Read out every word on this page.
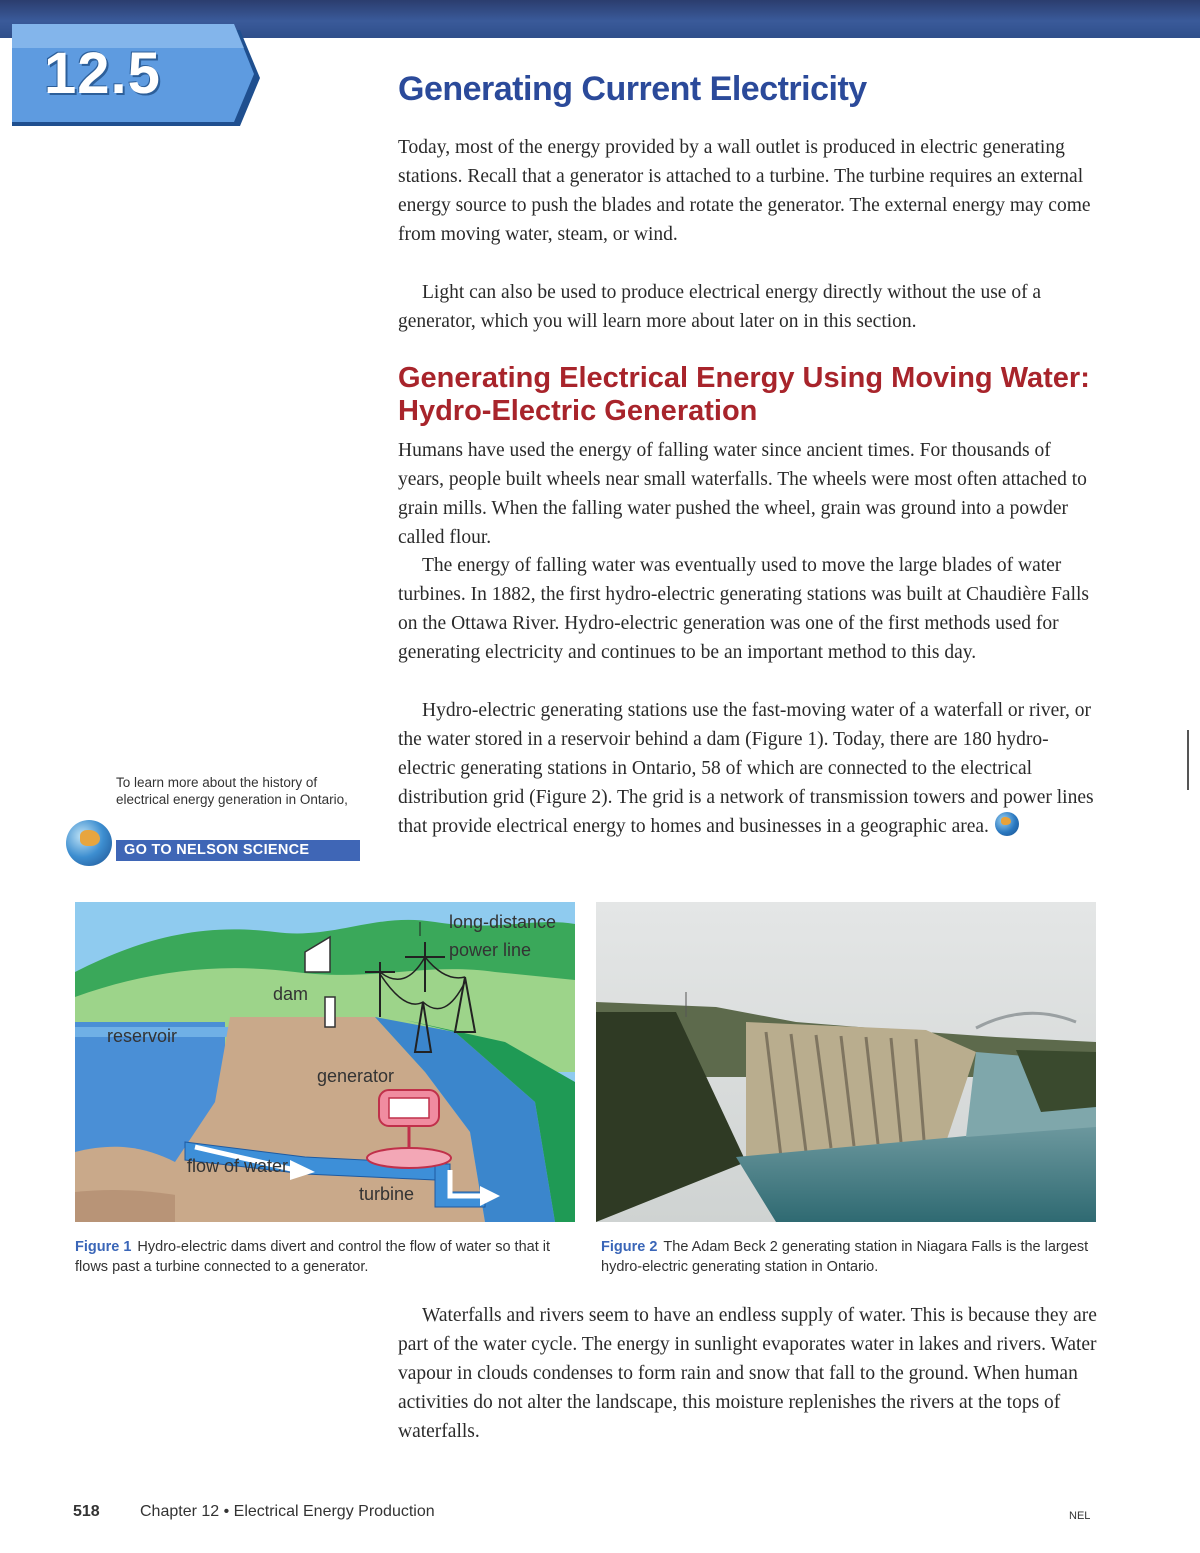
12.5	Generating Current Electricity

Today, most of the energy provided by a wall outlet is produced in electric generating stations. Recall that a generator is attached to a turbine. The turbine requires an external energy source to push the blades and rotate the generator. The external energy may come from moving water, steam, or wind.

Light can also be used to produce electrical energy directly without the use of a generator, which you will learn more about later on in this section.

Generating Electrical Energy Using Moving Water: Hydro-Electric Generation

Humans have used the energy of falling water since ancient times. For thousands of years, people built wheels near small waterfalls. The wheels were most often attached to grain mills. When the falling water pushed the wheel, grain was ground into a powder called flour.

The energy of falling water was eventually used to move the large blades of water turbines. In 1882, the first hydro-electric generating stations was built at Chaudière Falls on the Ottawa River. Hydro-electric generation was one of the first methods used for generating electricity and continues to be an important method to this day.

Hydro-electric generating stations use the fast-moving water of a waterfall or river, or the water stored in a reservoir behind a dam (Figure 1). Today, there are 180 hydro-electric generating stations in Ontario, 58 of which are connected to the electrical distribution grid (Figure 2). The grid is a network of transmission towers and power lines that provide electrical energy to homes and businesses in a geographic area.

To learn more about the history of electrical energy generation in Ontario,
GO TO NELSON SCIENCE
long-distance
power line
dam
reservoir
generator
flow of water
turbine

Figure 1 Hydro-electric dams divert and control the flow of water so that it flows past a turbine connected to a generator.

Figure 2 The Adam Beck 2 generating station in Niagara Falls is the largest hydro-electric generating station in Ontario.

Waterfalls and rivers seem to have an endless supply of water. This is because they are part of the water cycle. The energy in sunlight evaporates water in lakes and rivers. Water vapour in clouds condenses to form rain and snow that fall to the ground. When human activities do not alter the landscape, this moisture replenishes the rivers at the tops of waterfalls.

518	Chapter 12 • Electrical Energy Production	NEL
